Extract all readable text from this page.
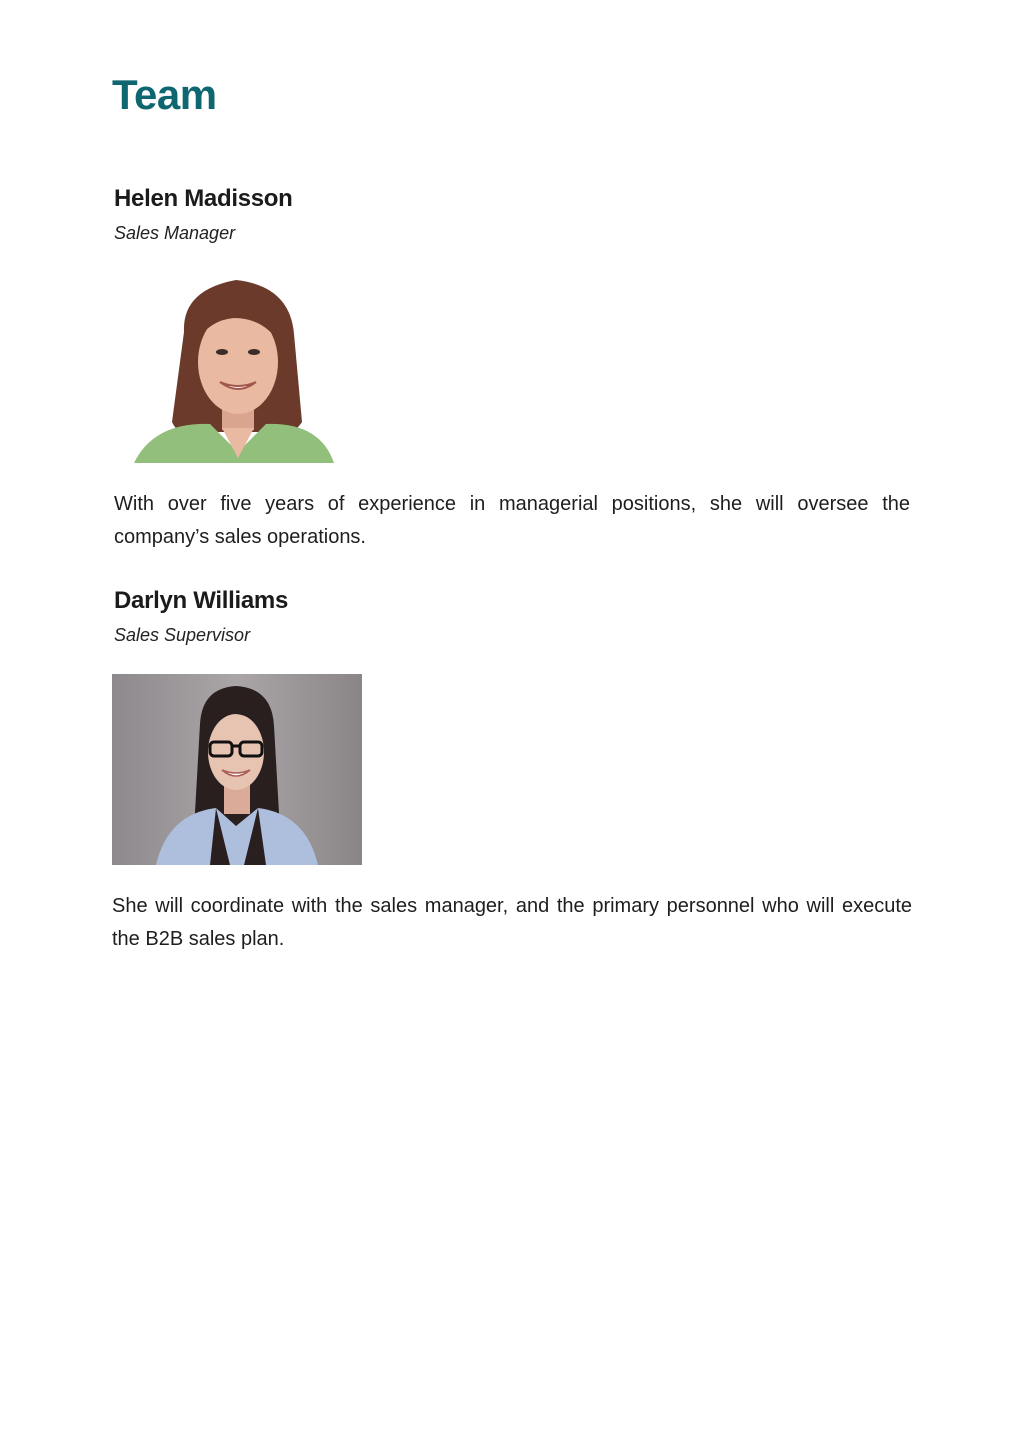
Team
Helen Madisson

Sales Manager

With over five years of experience in managerial positions, she will oversee the company’s sales operations.

Darlyn Williams

Sales Supervisor

She will coordinate with the sales manager, and the primary personnel who will execute the B2B sales plan.
